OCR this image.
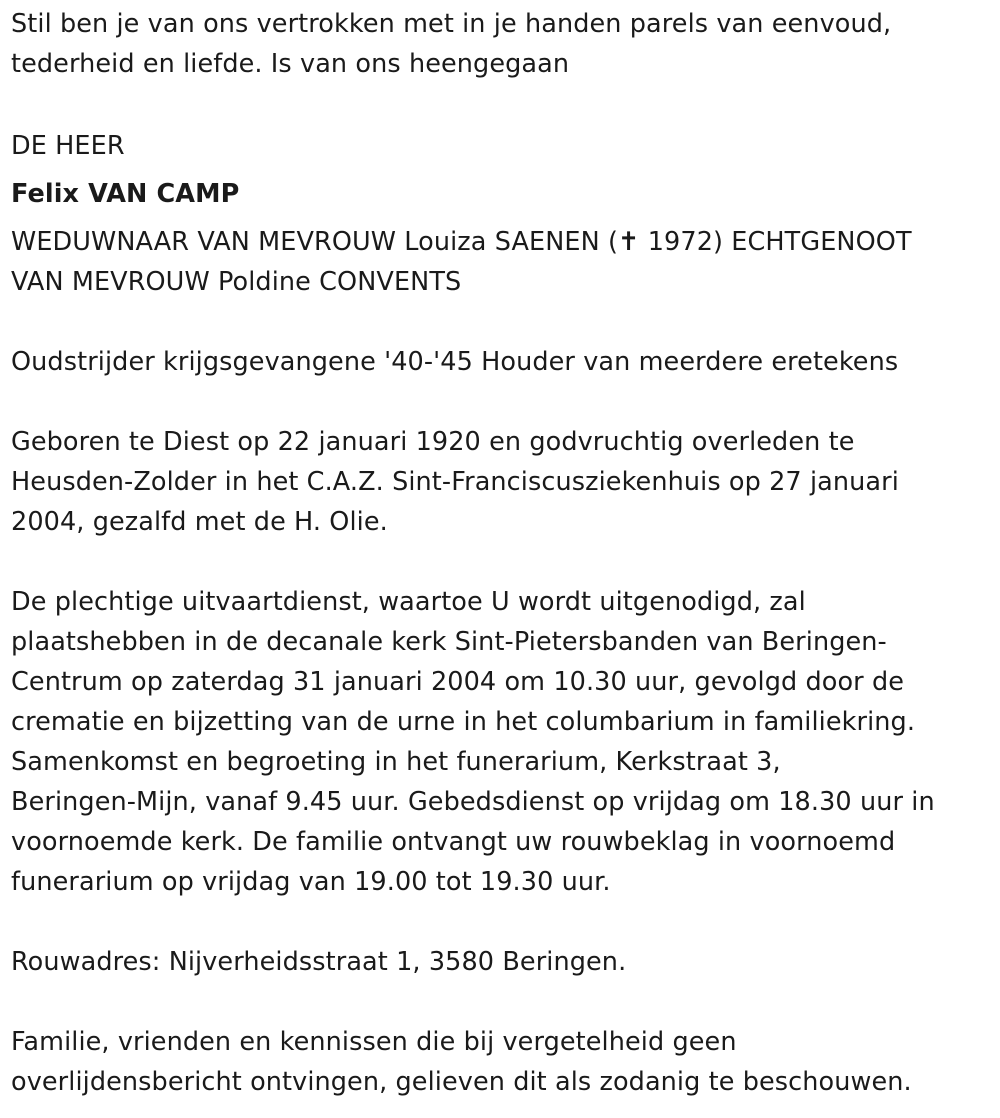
Stil ben je van ons vertrokken met in je handen parels van eenvoud,
tederheid en liefde. Is van ons heengegaan

DE HEER

Felix VAN CAMP

WEDUWNAAR VAN MEVROUW Louiza SAENEN (✝ 1972) ECHTGENOOT
VAN MEVROUW Poldine CONVENTS

Oudstrijder krijgsgevangene '40-'45 Houder van meerdere eretekens

Geboren te Diest op 22 januari 1920 en godvruchtig overleden te
Heusden-Zolder in het C.A.Z. Sint-Franciscusziekenhuis op 27 januari
2004, gezalfd met de H. Olie.

De plechtige uitvaartdienst, waartoe U wordt uitgenodigd, zal
plaatshebben in de decanale kerk Sint-Pietersbanden van Beringen-
Centrum op zaterdag 31 januari 2004 om 10.30 uur, gevolgd door de
crematie en bijzetting van de urne in het columbarium in familiekring.
Samenkomst en begroeting in het funerarium, Kerkstraat 3,
Beringen-Mijn, vanaf 9.45 uur. Gebedsdienst op vrijdag om 18.30 uur in
voornoemde kerk. De familie ontvangt uw rouwbeklag in voornoemd
funerarium op vrijdag van 19.00 tot 19.30 uur.

Rouwadres: Nijverheidsstraat 1, 3580 Beringen.

Familie, vrienden en kennissen die bij vergetelheid geen
overlijdensbericht ontvingen, gelieven dit als zodanig te beschouwen.
